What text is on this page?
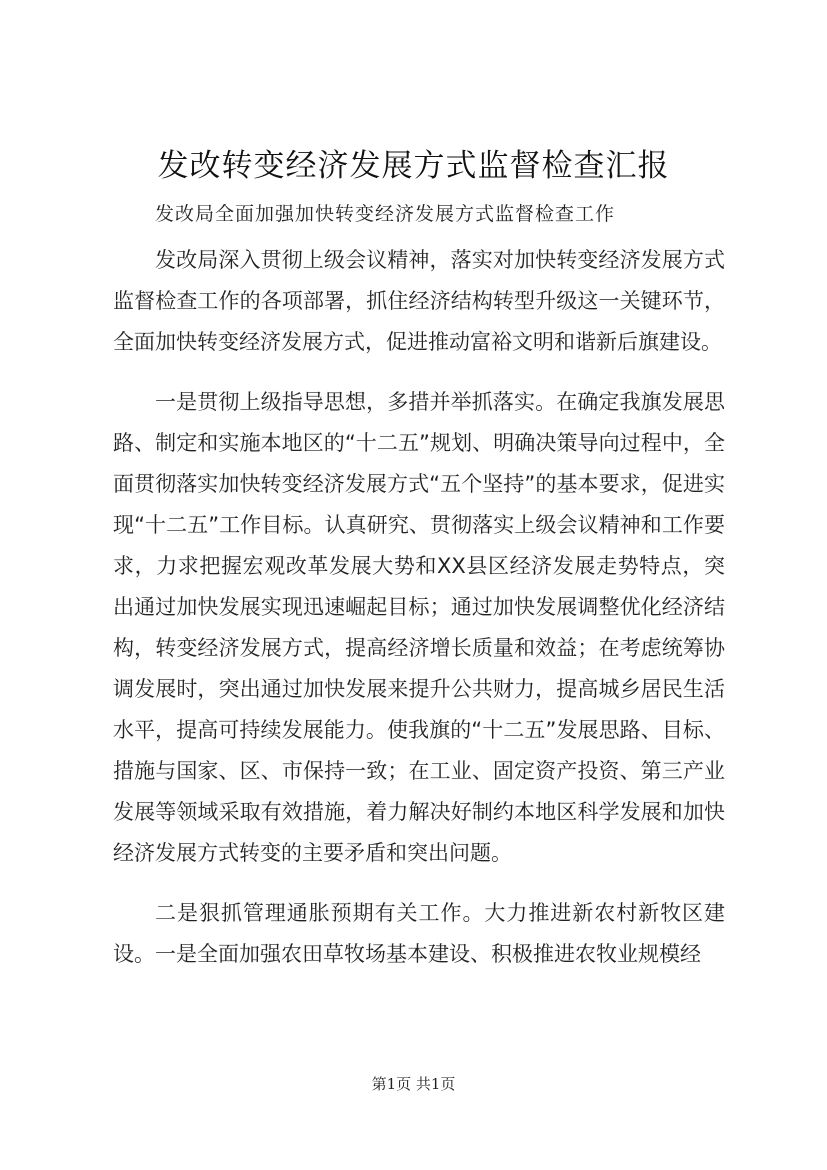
发改转变经济发展方式监督检查汇报
发改局全面加强加快转变经济发展方式监督检查工作

发改局深入贯彻上级会议精神，落实对加快转变经济发展方式监督检查工作的各项部署，抓住经济结构转型升级这一关键环节，全面加快转变经济发展方式，促进推动富裕文明和谐新后旗建设。

一是贯彻上级指导思想，多措并举抓落实。在确定我旗发展思路、制定和实施本地区的“十二五”规划、明确决策导向过程中，全面贯彻落实加快转变经济发展方式“五个坚持”的基本要求，促进实现“十二五”工作目标。认真研究、贯彻落实上级会议精神和工作要求，力求把握宏观改革发展大势和XX县区经济发展走势特点，突出通过加快发展实现迅速崛起目标；通过加快发展调整优化经济结构，转变经济发展方式，提高经济增长质量和效益；在考虑统筹协调发展时，突出通过加快发展来提升公共财力，提高城乡居民生活水平，提高可持续发展能力。使我旗的“十二五”发展思路、目标、措施与国家、区、市保持一致；在工业、固定资产投资、第三产业发展等领域采取有效措施，着力解决好制约本地区科学发展和加快经济发展方式转变的主要矛盾和突出问题。

二是狠抓管理通胀预期有关工作。大力推进新农村新牧区建设。一是全面加强农田草牧场基本建设、积极推进农牧业规模经

第1页 共1页
